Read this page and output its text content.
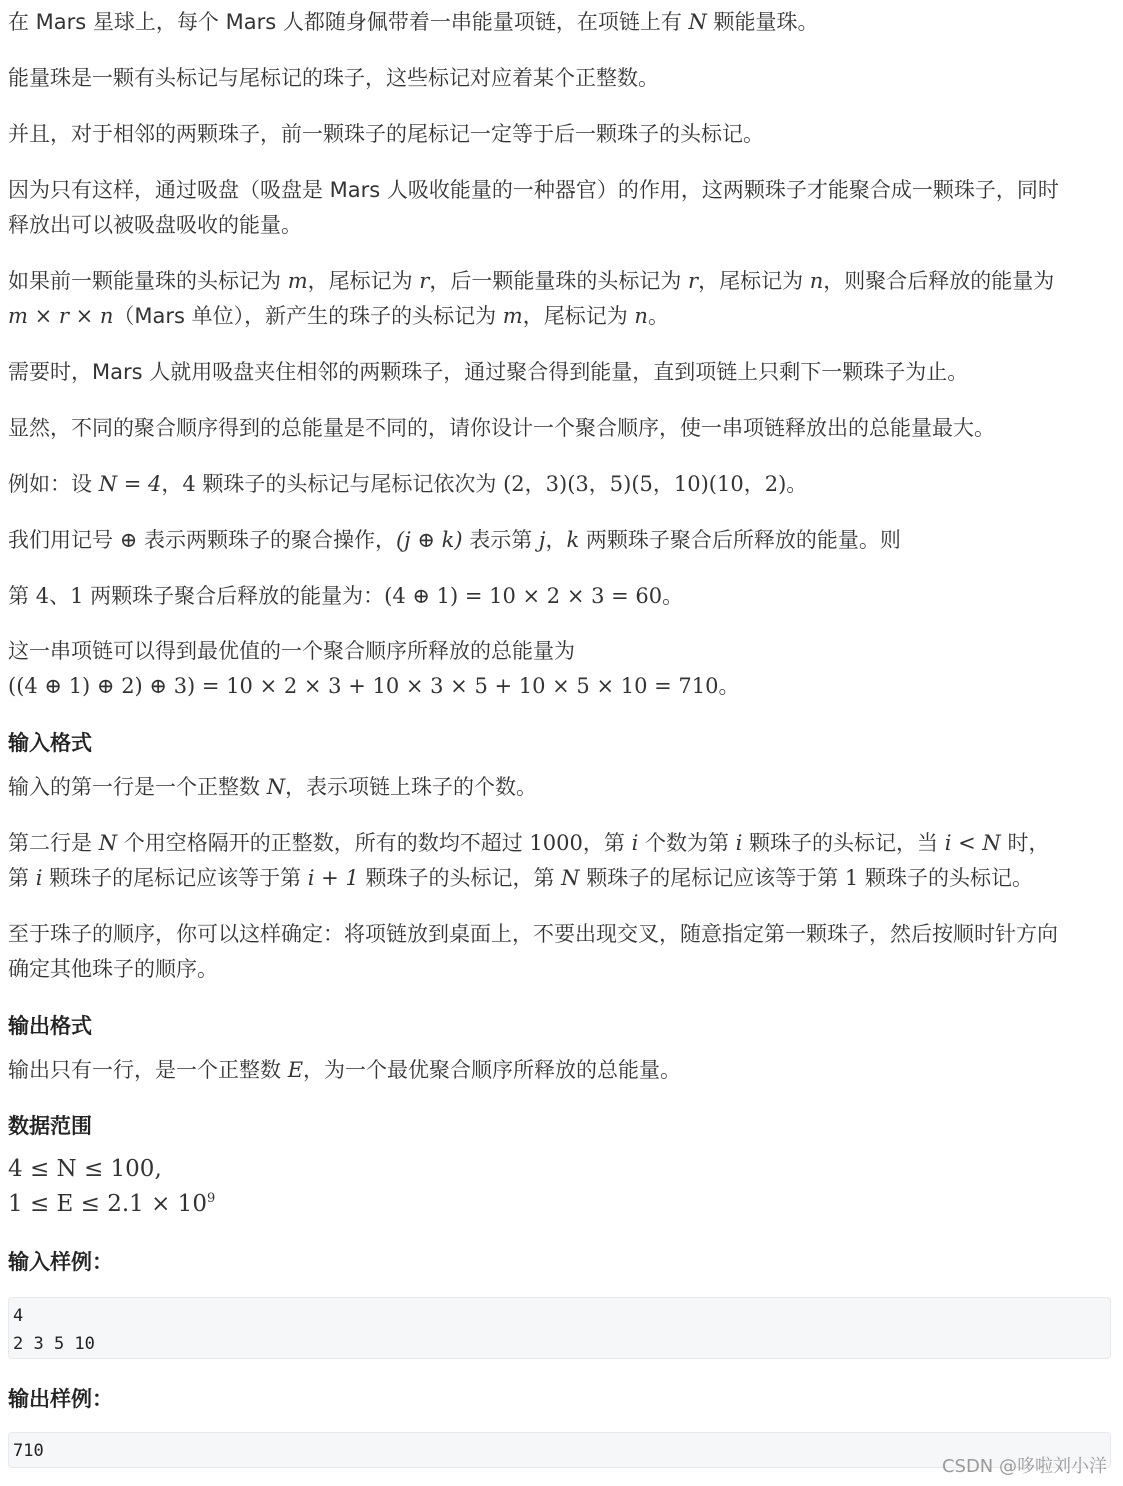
在 Mars 星球上，每个 Mars 人都随身佩带着一串能量项链，在项链上有 N 颗能量珠。

能量珠是一颗有头标记与尾标记的珠子，这些标记对应着某个正整数。

并且，对于相邻的两颗珠子，前一颗珠子的尾标记一定等于后一颗珠子的头标记。

因为只有这样，通过吸盘（吸盘是 Mars 人吸收能量的一种器官）的作用，这两颗珠子才能聚合成一颗珠子，同时

释放出可以被吸盘吸收的能量。

如果前一颗能量珠的头标记为 m，尾标记为 r，后一颗能量珠的头标记为 r，尾标记为 n，则聚合后释放的能量为

m × r × n（Mars 单位），新产生的珠子的头标记为 m，尾标记为 n。

需要时，Mars 人就用吸盘夹住相邻的两颗珠子，通过聚合得到能量，直到项链上只剩下一颗珠子为止。

显然，不同的聚合顺序得到的总能量是不同的，请你设计一个聚合顺序，使一串项链释放出的总能量最大。

例如：设 N = 4，4 颗珠子的头标记与尾标记依次为 (2，3)(3，5)(5，10)(10，2)。

我们用记号 ⊕ 表示两颗珠子的聚合操作，(j ⊕ k) 表示第 j，k 两颗珠子聚合后所释放的能量。则

第 4、1 两颗珠子聚合后释放的能量为：(4 ⊕ 1) = 10 × 2 × 3 = 60。

这一串项链可以得到最优值的一个聚合顺序所释放的总能量为

((4 ⊕ 1) ⊕ 2) ⊕ 3) = 10 × 2 × 3 + 10 × 3 × 5 + 10 × 5 × 10 = 710。

输入格式

输入的第一行是一个正整数 N，表示项链上珠子的个数。

第二行是 N 个用空格隔开的正整数，所有的数均不超过 1000，第 i 个数为第 i 颗珠子的头标记，当 i < N 时，

第 i 颗珠子的尾标记应该等于第 i + 1 颗珠子的头标记，第 N 颗珠子的尾标记应该等于第 1 颗珠子的头标记。

至于珠子的顺序，你可以这样确定：将项链放到桌面上，不要出现交叉，随意指定第一颗珠子，然后按顺时针方向

确定其他珠子的顺序。

输出格式

输出只有一行，是一个正整数 E，为一个最优聚合顺序所释放的总能量。

数据范围

4 ≤ N ≤ 100,

$1 \le E \le 2.1 \times 10^9$

输入样例：
4
2 3 5 10
输出样例：
710
CSDN @哆啦刘小洋
